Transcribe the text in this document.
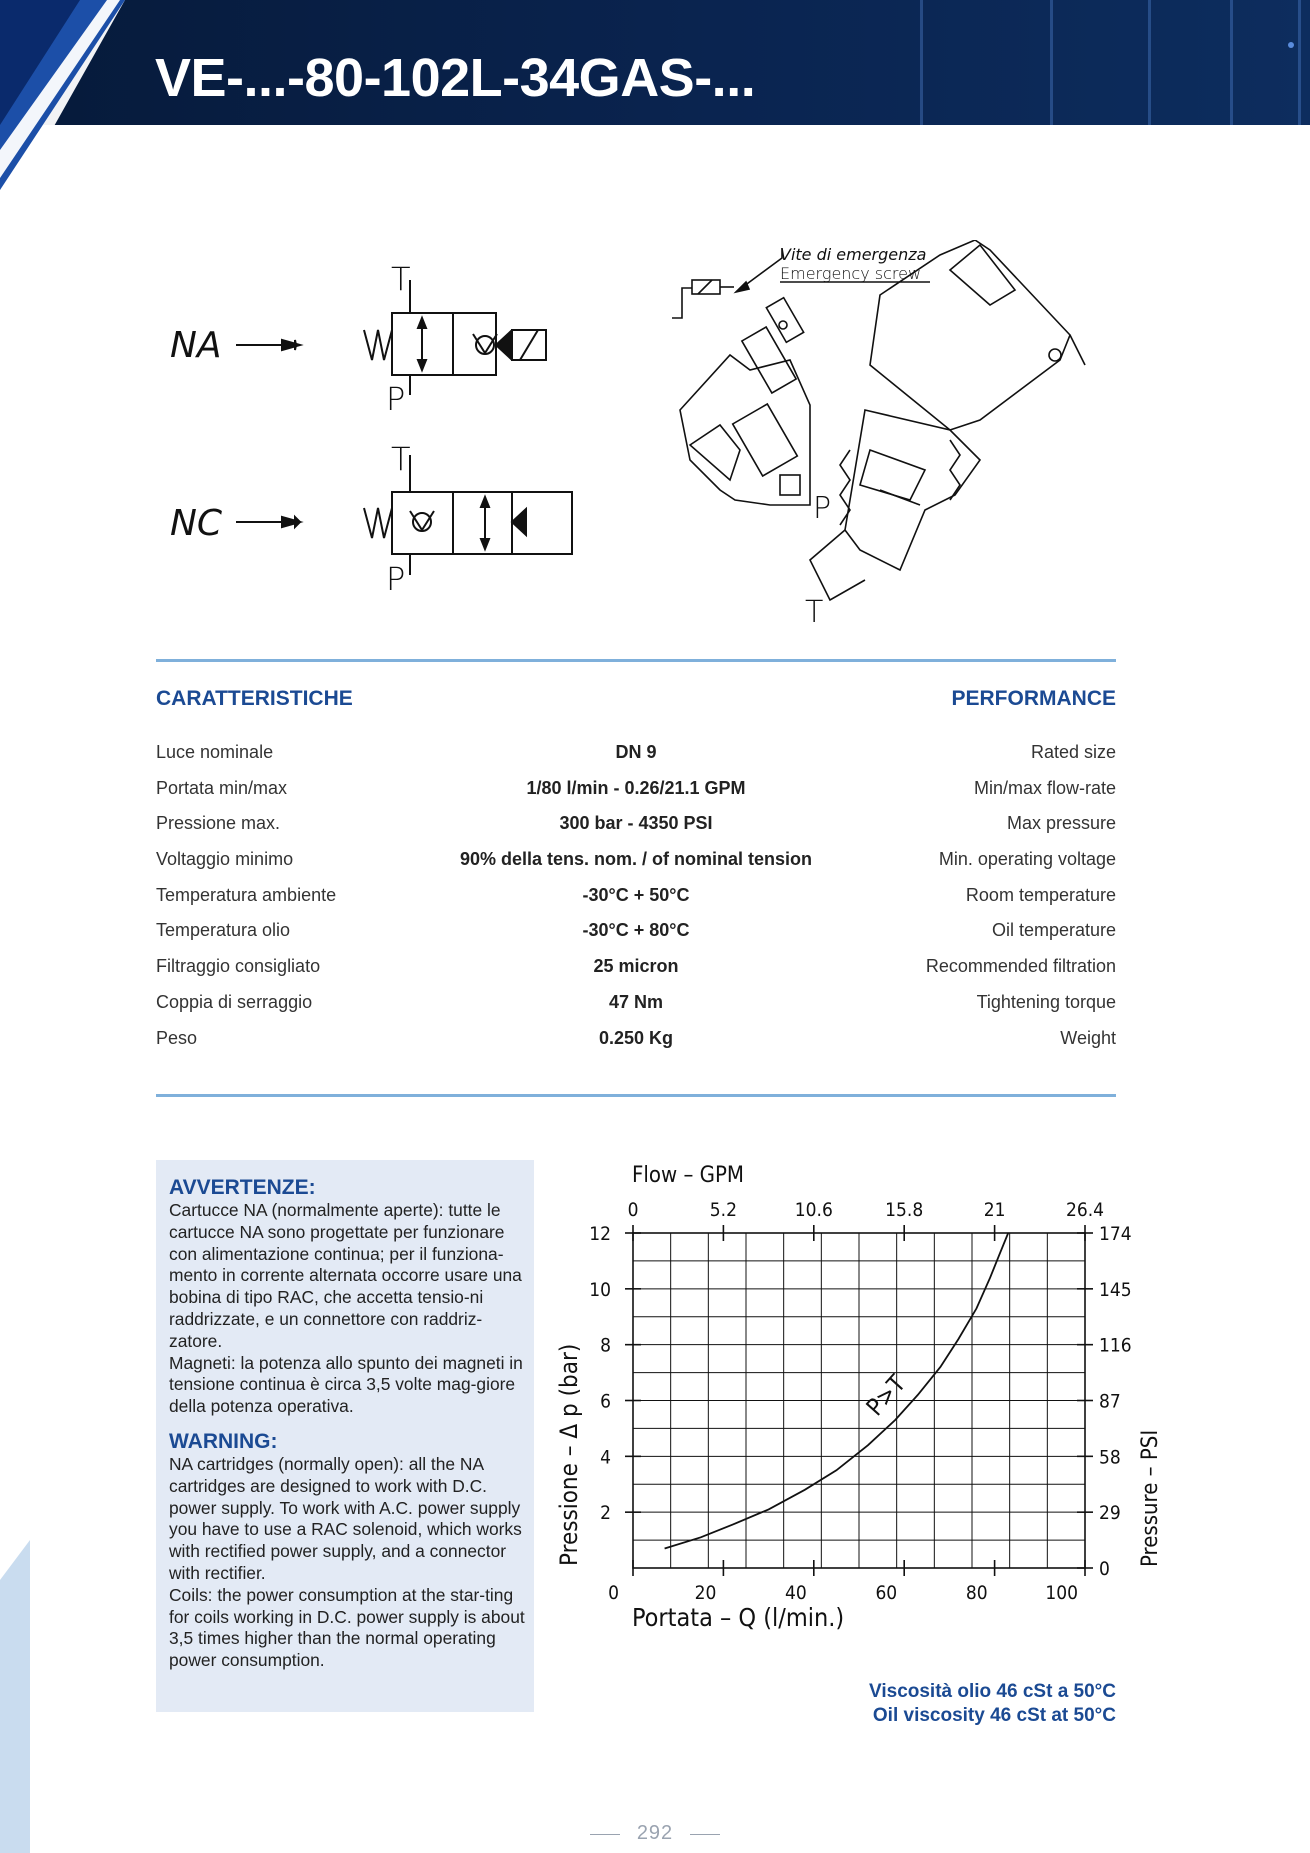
VE-...-80-102L-34GAS-...
NA
NC
T
P
T
P
Vite di emergenza
Emergency screw
P
T
CARATTERISTICHE	PERFORMANCE
Luce nominale	DN 9	Rated size
Portata min/max	1/80 l/min - 0.26/21.1 GPM	Min/max flow-rate
Pressione max.	300 bar - 4350 PSI	Max pressure
Voltaggio minimo	90% della tens. nom. / of nominal tension	Min. operating voltage
Temperatura ambiente	-30°C + 50°C	Room temperature
Temperatura olio	-30°C + 80°C	Oil temperature
Filtraggio consigliato	25 micron	Recommended filtration
Coppia di serraggio	47 Nm	Tightening torque
Peso	0.250 Kg	Weight
AVVERTENZE:

Cartucce NA (normalmente aperte): tutte le cartucce NA sono progettate per funzionare con alimentazione continua; per il funziona-mento in corrente alternata occorre usare una bobina di tipo RAC, che accetta tensio-ni raddrizzate, e un connettore con raddriz-zatore.
Magneti: la potenza allo spunto dei magneti in tensione continua è circa 3,5 volte mag-giore della potenza operativa.

WARNING:

NA cartridges (normally open): all the NA cartridges are designed to work with D.C. power supply. To work with A.C. power supply you have to use a RAC solenoid, which works with rectified power supply, and a connector with rectifier.
Coils: the power consumption at the star-ting for coils working in D.C. power supply is about 3,5 times higher than the normal operating power consumption.

Flow – GPM
Portata – Q (l/min.)
Pressione – Δ p (bar)	Pressure – PSI
0	20	40	60	80	100
2
4
6
8
10
12
0	5.2	10.6	15.8	21	26.4
0
29
58
87
116
145
174
P>T
Viscosità olio 46 cSt a 50°C
Oil viscosity 46 cSt at 50°C
292
